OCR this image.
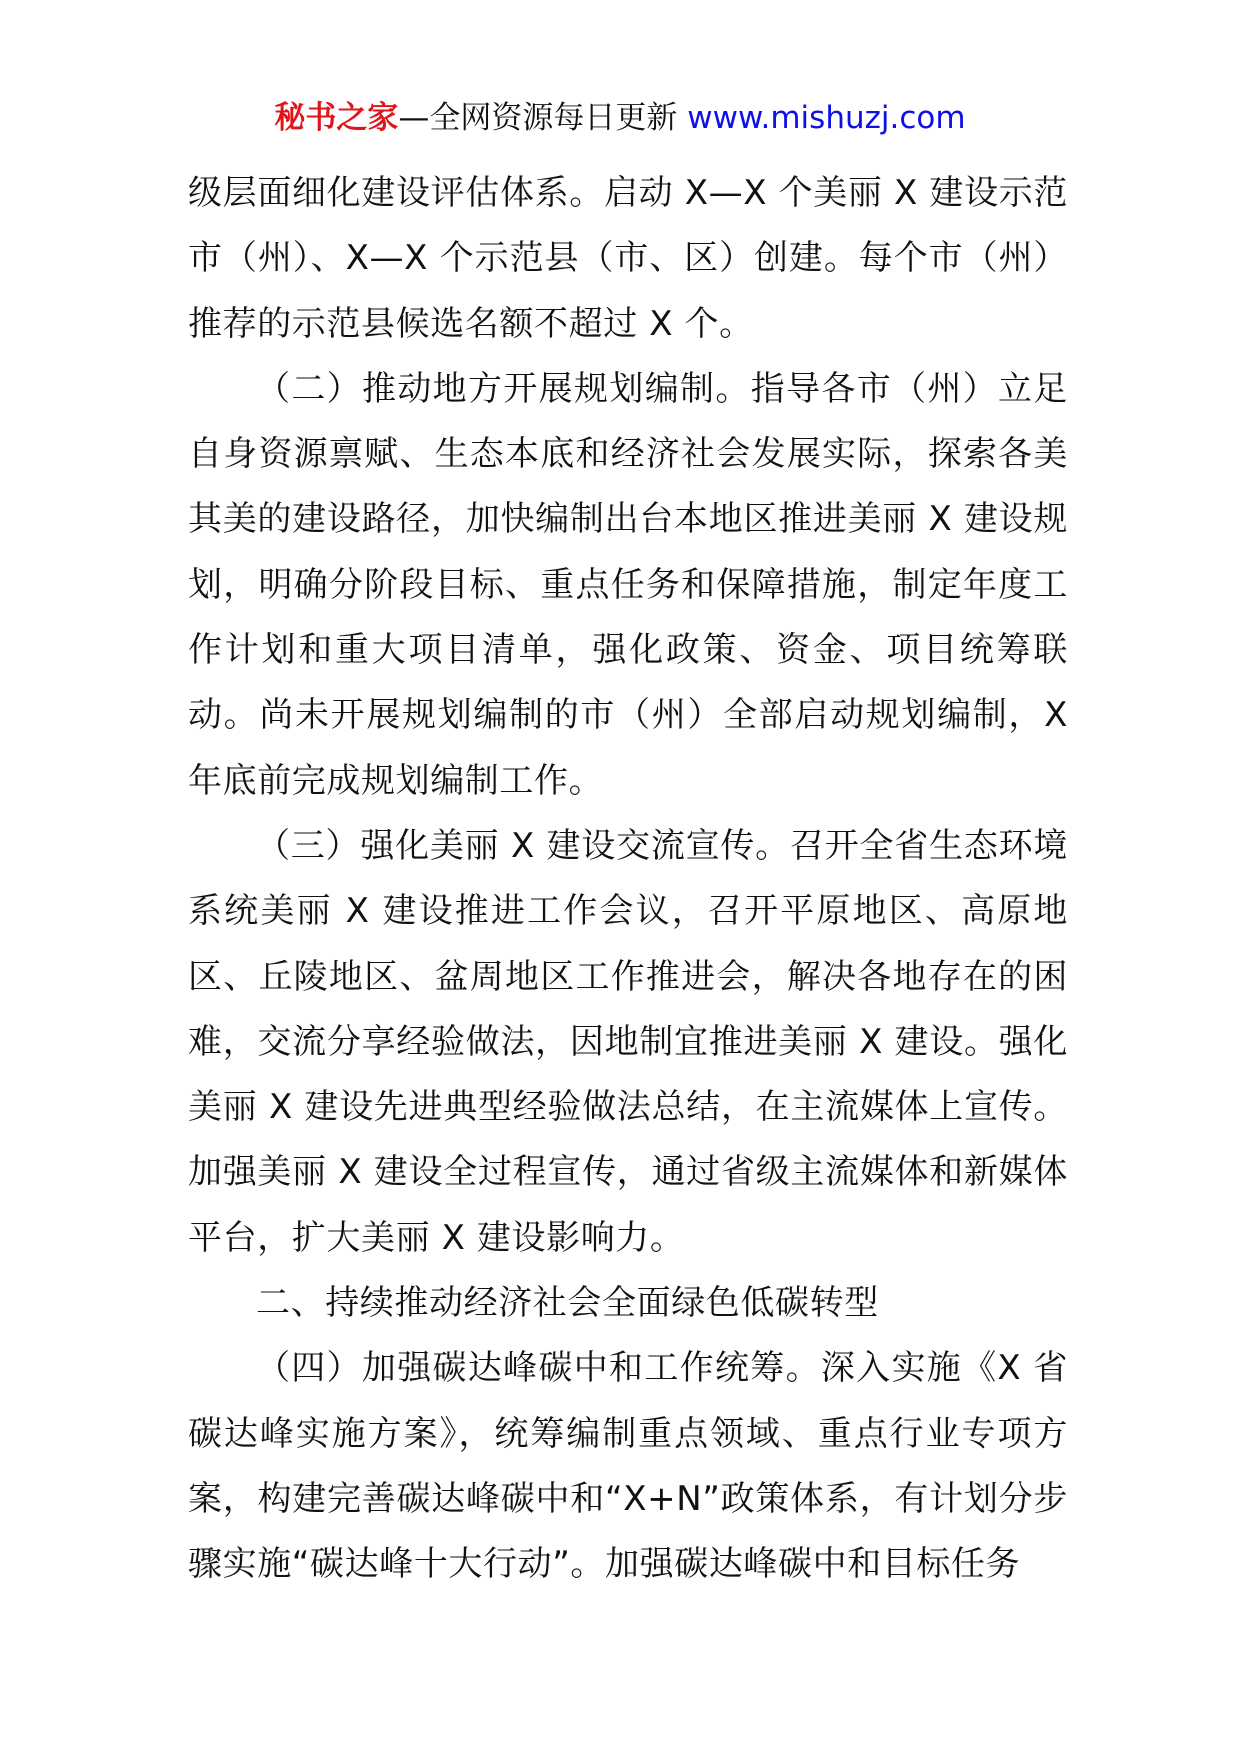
秘书之家—全网资源每日更新 www.mishuzj.com

级层面细化建设评估体系。启动 X—X 个美丽 X 建设示范市（州）、X—X 个示范县（市、区）创建。每个市（州）推荐的示范县候选名额不超过 X 个。

（二）推动地方开展规划编制。指导各市（州）立足自身资源禀赋、生态本底和经济社会发展实际，探索各美其美的建设路径，加快编制出台本地区推进美丽 X 建设规划，明确分阶段目标、重点任务和保障措施，制定年度工作计划和重大项目清单，强化政策、资金、项目统筹联动。尚未开展规划编制的市（州）全部启动规划编制，X 年底前完成规划编制工作。

（三）强化美丽 X 建设交流宣传。召开全省生态环境系统美丽 X 建设推进工作会议，召开平原地区、高原地区、丘陵地区、盆周地区工作推进会，解决各地存在的困难，交流分享经验做法，因地制宜推进美丽 X 建设。强化美丽 X 建设先进典型经验做法总结，在主流媒体上宣传。加强美丽 X 建设全过程宣传，通过省级主流媒体和新媒体平台，扩大美丽 X 建设影响力。

二、持续推动经济社会全面绿色低碳转型

（四）加强碳达峰碳中和工作统筹。深入实施《X 省碳达峰实施方案》，统筹编制重点领域、重点行业专项方案，构建完善碳达峰碳中和“X+N”政策体系，有计划分步骤实施“碳达峰十大行动”。加强碳达峰碳中和目标任务
